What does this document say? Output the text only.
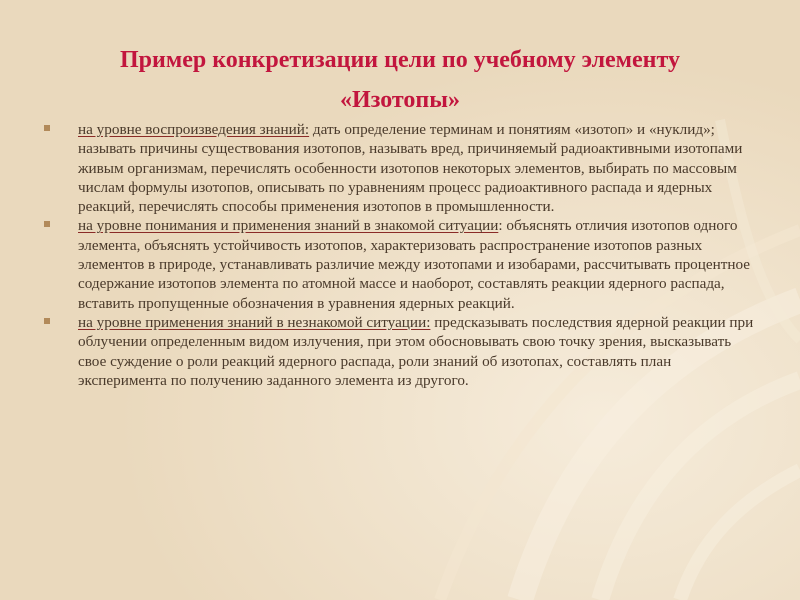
Пример конкретизации цели по учебному элементу «Изотопы»
на уровне воспроизведения знаний: дать определение терминам и понятиям «изотоп» и «нуклид»; называть причины существования изотопов, называть вред, причиняемый радиоактивными изотопами живым организмам, перечислять особенности изотопов некоторых элементов, выбирать по массовым числам формулы изотопов, описывать по уравнениям процесс радиоактивного распада и ядерных реакций, перечислять способы применения изотопов в промышленности.
на уровне понимания и применения знаний в знакомой ситуации: объяснять отличия изотопов одного элемента, объяснять устойчивость изотопов, характеризовать распространение изотопов разных элементов в природе, устанавливать различие между изотопами и изобарами, рассчитывать процентное содержание изотопов элемента по атомной массе и наоборот, составлять реакции ядерного распада, вставить пропущенные обозначения в уравнения ядерных реакций.
на уровне применения знаний в незнакомой ситуации: предсказывать последствия ядерной реакции при облучении определенным видом излучения, при этом обосновывать свою точку зрения, высказывать свое суждение о роли реакций ядерного распада, роли знаний об изотопах, составлять план эксперимента по получению заданного элемента из другого.
